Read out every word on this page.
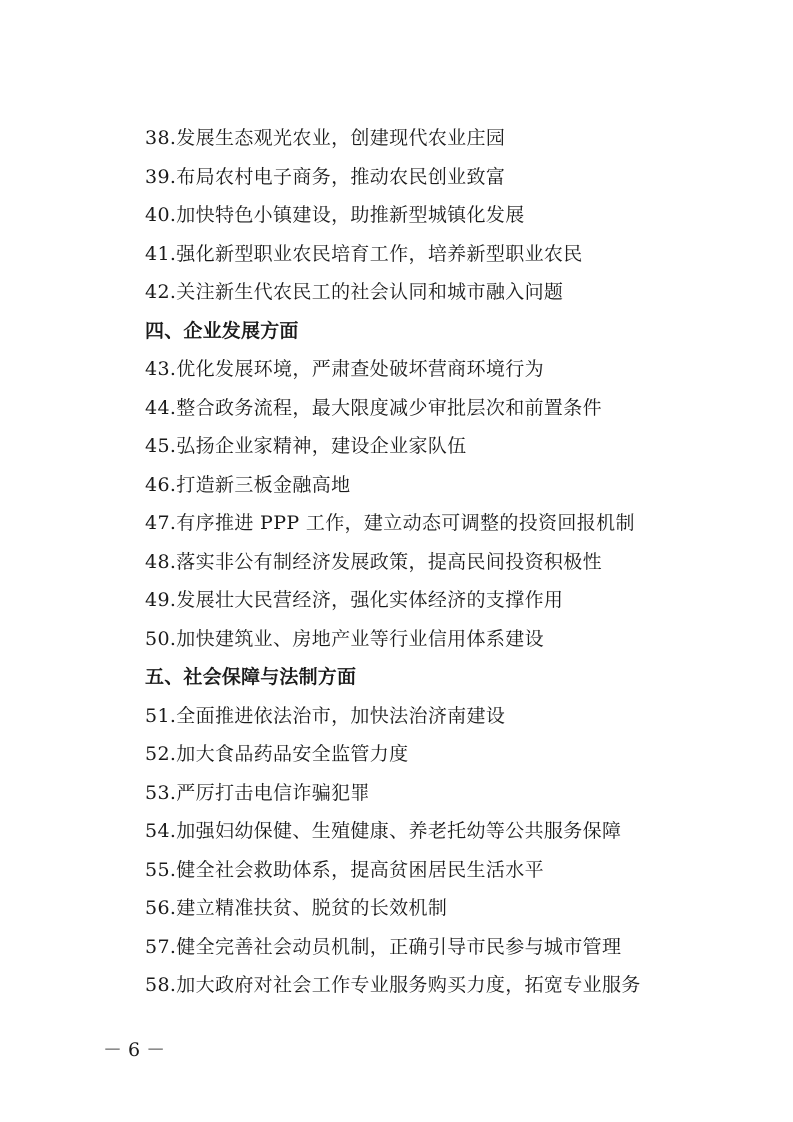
38.发展生态观光农业，创建现代农业庄园
39.布局农村电子商务，推动农民创业致富
40.加快特色小镇建设，助推新型城镇化发展
41.强化新型职业农民培育工作，培养新型职业农民
42.关注新生代农民工的社会认同和城市融入问题
四、企业发展方面
43.优化发展环境，严肃查处破坏营商环境行为
44.整合政务流程，最大限度减少审批层次和前置条件
45.弘扬企业家精神，建设企业家队伍
46.打造新三板金融高地
47.有序推进 PPP 工作，建立动态可调整的投资回报机制
48.落实非公有制经济发展政策，提高民间投资积极性
49.发展壮大民营经济，强化实体经济的支撑作用
50.加快建筑业、房地产业等行业信用体系建设
五、社会保障与法制方面
51.全面推进依法治市，加快法治济南建设
52.加大食品药品安全监管力度
53.严厉打击电信诈骗犯罪
54.加强妇幼保健、生殖健康、养老托幼等公共服务保障
55.健全社会救助体系，提高贫困居民生活水平
56.建立精准扶贫、脱贫的长效机制
57.健全完善社会动员机制，正确引导市民参与城市管理
58.加大政府对社会工作专业服务购买力度，拓宽专业服务
－ 6 －
